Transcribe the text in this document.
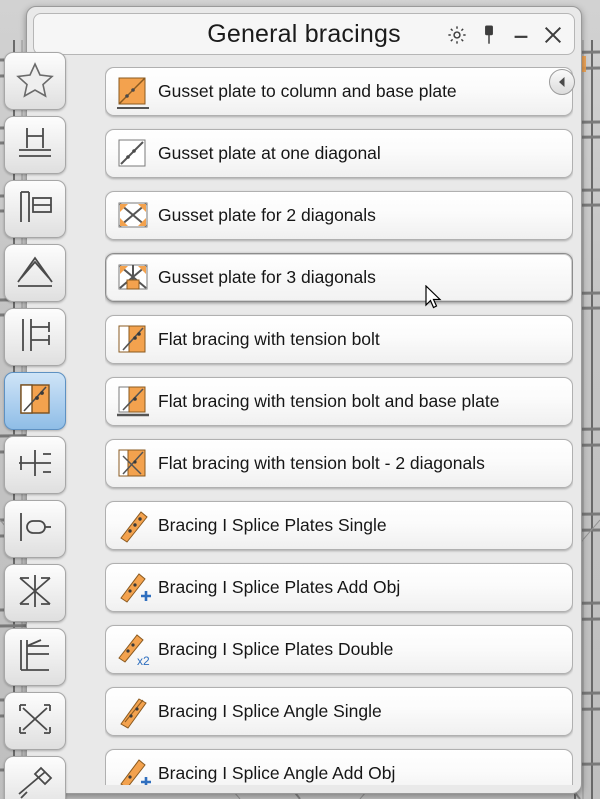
General bracings
Gusset plate to column and base plate
Gusset plate at one diagonal
Gusset plate for 2 diagonals
Gusset plate for 3 diagonals
Flat bracing with tension bolt
Flat bracing with tension bolt and base plate
Flat bracing with tension bolt - 2 diagonals
Bracing I Splice Plates Single
Bracing I Splice Plates Add Obj
x2
Bracing I Splice Plates Double
Bracing I Splice Angle Single
Bracing I Splice Angle Add Obj
